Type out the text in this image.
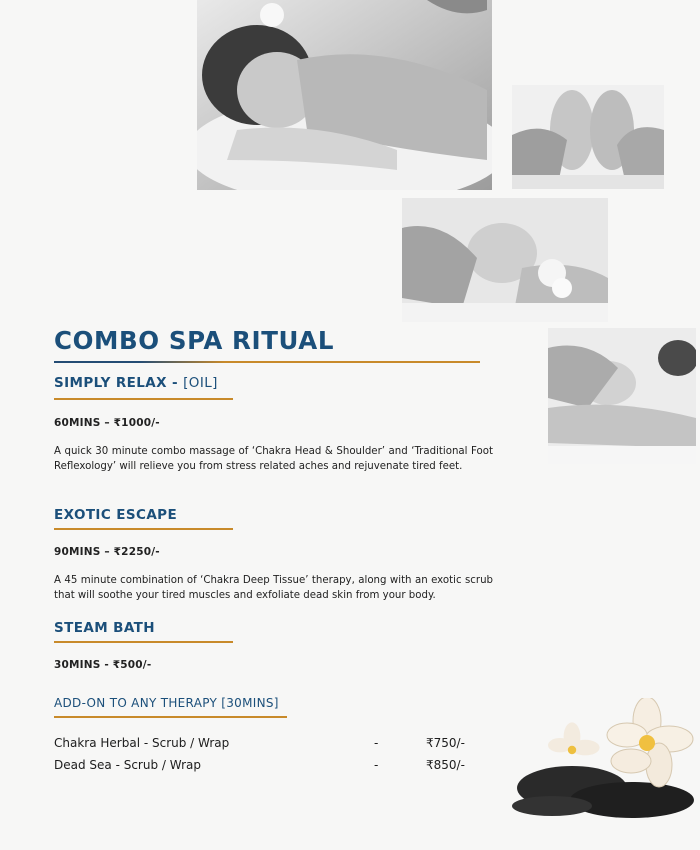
COMBO SPA RITUAL
SIMPLY RELAX - [OIL]
60MINS – ₹1000/-
A quick 30 minute combo massage of ‘Chakra Head & Shoulder’ and ‘Traditional Foot Reflexology’ will relieve you from stress related aches and rejuvenate tired feet.
EXOTIC ESCAPE
90MINS – ₹2250/-
A 45 minute combination of ‘Chakra Deep Tissue’ therapy, along with an exotic scrub that will soothe your tired muscles and exfoliate dead skin from your body.
STEAM BATH
30MINS - ₹500/-
ADD-ON TO ANY THERAPY [30MINS]
Chakra Herbal - Scrub / Wrap	-	₹750/-
Dead Sea - Scrub / Wrap	-	₹850/-
